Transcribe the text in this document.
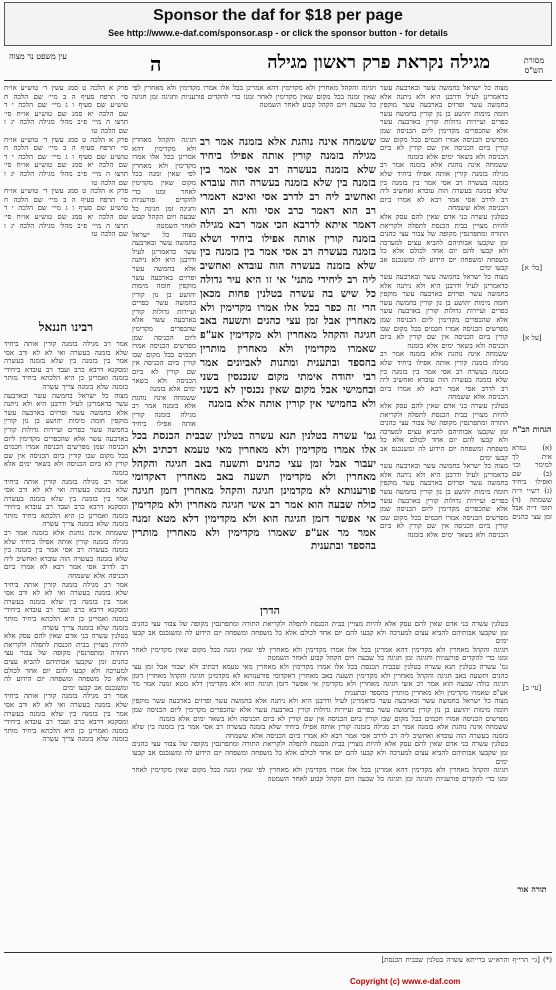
Sponsor the daf for $18 per page
See http://www.e-daf.com/sponsor.asp - or click the sponsor button - for details
מסורת הש"ס
מגילה נקראת פרק ראשון מגילה
ה
עין משפט נר מצוה
[בל׳ א]
[על א]
הגהות הב"ח
(א) גמרא אית לך למימר וכו׳ (ב) שם ואפילו ביחיד (ג) רש״י ד״ה ששמחה (ד) תוס׳ ד״ה אבל זמן עצי כהנים
[עי׳ ב]
תורה אור
מצוה כל ישראל בחמשה עשר ובארבעה עשר כדאמרינן לעיל ודרבנן היא ולא ניתנה אלא בחמשה עשר ופרזים בארבעה עשר מוקפין חומה מימות יהושע בן נון קורין בחמשה עשר כפרים ועיירות גדולות קורין בארבעה עשר אלא שהכפרים מקדימין ליום הכניסה שמן מפרשים הכניסה אמרו חכמים בכל מקום שבו קורין ביום הכניסה אין שם קורין לא ביום הכניסה ולא בשאר ימים אלא בזמנה
ששמחה אינה נוהגת אלא בזמנה אמר רב מגילה בזמנה קורין אותה אפילו ביחיד שלא בזמנה בעשרה רב אסי אמר בין בזמנה בין שלא בזמנה בעשרה הוה עובדא ואחשיב ליה רב לדרב אסי אמר רבא לא אמרו ביום הכניסה אלא ששמחה
בטלנין עשרה בני אדם שאין להם עסק אלא להיות מצויין בבית הכנסת לתפלה ולקריאת התורה ומתפרנסין מקופה של צבור עצי כהנים זמן שקבעו אבותיהם להביא עצים למערכה ולא קבעו להם יום אחד לכולם אלא כל משפחה ומשפחה יום הידוע לה ומשנכנס אב קבעו ימים
מצוה כל ישראל בחמשה עשר ובארבעה עשר כדאמרינן לעיל ודרבנן היא ולא ניתנה אלא בחמשה עשר ופרזים בארבעה עשר מוקפין חומה מימות יהושע בן נון קורין בחמשה עשר כפרים ועיירות גדולות קורין בארבעה עשר אלא שהכפרים מקדימין ליום הכניסה שמן מפרשים הכניסה אמרו חכמים בכל מקום שבו קורין ביום הכניסה אין שם קורין לא ביום הכניסה ולא בשאר ימים אלא בזמנה
ששמחה אינה נוהגת אלא בזמנה אמר רב מגילה בזמנה קורין אותה אפילו ביחיד שלא בזמנה בעשרה רב אסי אמר בין בזמנה בין שלא בזמנה בעשרה הוה עובדא ואחשיב ליה רב לדרב אסי אמר רבא לא אמרו ביום הכניסה אלא ששמחה
בטלנין עשרה בני אדם שאין להם עסק אלא להיות מצויין בבית הכנסת לתפלה ולקריאת התורה ומתפרנסין מקופה של צבור עצי כהנים זמן שקבעו אבותיהם להביא עצים למערכה ולא קבעו להם יום אחד לכולם אלא כל משפחה ומשפחה יום הידוע לה ומשנכנס אב קבעו ימים
מצוה כל ישראל בחמשה עשר ובארבעה עשר כדאמרינן לעיל ודרבנן היא ולא ניתנה אלא בחמשה עשר ופרזים בארבעה עשר מוקפין חומה מימות יהושע בן נון קורין בחמשה עשר כפרים ועיירות גדולות קורין בארבעה עשר אלא שהכפרים מקדימין ליום הכניסה שמן מפרשים הכניסה אמרו חכמים בכל מקום שבו קורין ביום הכניסה אין שם קורין לא ביום הכניסה ולא בשאר ימים אלא בזמנה
חגיגה והקהל מאחרין ולא מקדימין דהא אמרינן בכל אלו אמרו מקדימין ולא מאחרין לפי שאין זמנה בכל מקום שאין מקדימין לאחר זמנו כדי להקדים פורעניות וחגיגה זמן חגיגה כל שבעה ויום הקהל קבוע לאחר השמטה
ששמחה אינה נוהגת אלא בזמנה אמר רב מגילה בזמנה קורין אותה אפילו ביחיד שלא בזמנה בעשרה רב אסי אמר בין בזמנה בין שלא בזמנה בעשרה הוה עובדא ואחשיב ליה רב לדרב אסי ואיכא דאמרי רב הוא דאמר כרב אסי והא רב הוא דאמר איתא לדרבא הכי אמר רבא מגילה בזמנה קורין אותה אפילו ביחיד ושלא בזמנה בעשרה רב אסי אמר בין בזמנה בין שלא בזמנה בעשרה הוה עובדא ואחשיב ליה רב ליחידי מתני' אי זו היא עיר גדולה כל שיש בה עשרה בטלנין פחות מכאן הרי זה כפר בכל אלו אמרו מקדימין ולא מאחרין אבל זמן עצי כהנים ותשעה באב חגיגה והקהל מאחרין ולא מקדימין אע"פ שאמרו מקדימין ולא מאחרין מותרין בהספד ובתענית ומתנות לאביונים אמר רבי יהודה אימתי מקום שנכנסין בשני ובחמישי אבל מקום שאין נכנסין לא בשני ולא בחמישי אין קורין אותה אלא בזמנה
חגיגה והקהל מאחרין ולא מקדימין דהא אמרינן בכל אלו אמרו מקדימין ולא מאחרין לפי שאין זמנה בכל מקום שאין מקדימין לאחר זמנו כדי להקדים פורעניות וחגיגה זמן חגיגה כל שבעה ויום הקהל קבוע לאחר השמטה
מצוה כל ישראל בחמשה עשר ובארבעה עשר כדאמרינן לעיל ודרבנן היא ולא ניתנה אלא בחמשה עשר ופרזים בארבעה עשר מוקפין חומה מימות יהושע בן נון קורין בחמשה עשר כפרים ועיירות גדולות קורין בארבעה עשר אלא שהכפרים מקדימין ליום הכניסה שמן מפרשים הכניסה אמרו חכמים בכל מקום שבו קורין ביום הכניסה אין שם קורין לא ביום הכניסה ולא בשאר ימים אלא בזמנה
ששמחה אינה נוהגת אלא בזמנה אמר רב מגילה בזמנה קורין אותה אפילו ביחיד
גמ' עשרה בטלנין תנא עשרה בטלנין שבבית הכנסת בכל אלו אמרו מקדימין ולא מאחרין מאי טעמא דכתיב ולא יעבור אבל זמן עצי כהנים ותשעה באב חגיגה והקהל מאחרין ולא מקדימין תשעה באב מאחרין דאקדומי פורענותא לא מקדמינן חגיגה והקהל מאחרין דזמן חגיגה כולה שבעה הוא אמר רב אשי חגיגה מאחרין ולא מקדימין אי אפשר דזמן חגיגה הוא ולא מקדימין דלא מטא זמנה אמר מר אע"פ שאמרו מקדימין ולא מאחרין מותרין בהספד ובתענית
הדרן
בטלנין עשרה בני אדם שאין להם עסק אלא להיות מצויין בבית הכנסת לתפלה ולקריאת התורה ומתפרנסין מקופה של צבור עצי כהנים זמן שקבעו אבותיהם להביא עצים למערכה ולא קבעו להם יום אחד לכולם אלא כל משפחה ומשפחה יום הידוע לה ומשנכנס אב קבעו ימים
חגיגה והקהל מאחרין ולא מקדימין דהא אמרינן בכל אלו אמרו מקדימין ולא מאחרין לפי שאין זמנה בכל מקום שאין מקדימין לאחר זמנו כדי להקדים פורעניות וחגיגה זמן חגיגה כל שבעה ויום הקהל קבוע לאחר השמטה
גמ' עשרה בטלנין תנא עשרה בטלנין שבבית הכנסת בכל אלו אמרו מקדימין ולא מאחרין מאי טעמא דכתיב ולא יעבור אבל זמן עצי כהנים ותשעה באב חגיגה והקהל מאחרין ולא מקדימין תשעה באב מאחרין דאקדומי פורענותא לא מקדמינן חגיגה והקהל מאחרין דזמן חגיגה כולה שבעה הוא אמר רב אשי חגיגה מאחרין ולא מקדימין אי אפשר דזמן חגיגה הוא ולא מקדימין דלא מטא זמנה אמר מר אע"פ שאמרו מקדימין ולא מאחרין מותרין בהספד ובתענית
מצוה כל ישראל בחמשה עשר ובארבעה עשר כדאמרינן לעיל ודרבנן היא ולא ניתנה אלא בחמשה עשר ופרזים בארבעה עשר מוקפין חומה מימות יהושע בן נון קורין בחמשה עשר כפרים ועיירות גדולות קורין בארבעה עשר אלא שהכפרים מקדימין ליום הכניסה שמן מפרשים הכניסה אמרו חכמים בכל מקום שבו קורין ביום הכניסה אין שם קורין לא ביום הכניסה ולא בשאר ימים אלא בזמנה
ששמחה אינה נוהגת אלא בזמנה אמר רב מגילה בזמנה קורין אותה אפילו ביחיד שלא בזמנה בעשרה רב אסי אמר בין בזמנה בין שלא בזמנה בעשרה הוה עובדא ואחשיב ליה רב לדרב אסי אמר רבא לא אמרו ביום הכניסה אלא ששמחה
בטלנין עשרה בני אדם שאין להם עסק אלא להיות מצויין בבית הכנסת לתפלה ולקריאת התורה ומתפרנסין מקופה של צבור עצי כהנים זמן שקבעו אבותיהם להביא עצים למערכה ולא קבעו להם יום אחד לכולם אלא כל משפחה ומשפחה יום הידוע לה ומשנכנס אב קבעו ימים
חגיגה והקהל מאחרין ולא מקדימין דהא אמרינן בכל אלו אמרו מקדימין ולא מאחרין לפי שאין זמנה בכל מקום שאין מקדימין לאחר זמנו כדי להקדים פורעניות וחגיגה זמן חגיגה כל שבעה ויום הקהל קבוע לאחר השמטה
פרק א הלכה ט סמג עשין ד׳ טוש״ע או״ח סי׳ תרפח סעיף ה ב מיי׳ שם הלכה ח טוש״ע שם סעיף ו ג מיי׳ שם הלכה י ד שם הלכה יא סמג שם טוש״ע או״ח סי׳ תרצו ה מיי׳ פ״ב מהל׳ מגילה הלכה יג ו שם הלכה טו
פרק א הלכה ט סמג עשין ד׳ טוש״ע או״ח סי׳ תרפח סעיף ה ב מיי׳ שם הלכה ח טוש״ע שם סעיף ו ג מיי׳ שם הלכה י ד שם הלכה יא סמג שם טוש״ע או״ח סי׳ תרצו ה מיי׳ פ״ב מהל׳ מגילה הלכה יג ו שם הלכה טו
פרק א הלכה ט סמג עשין ד׳ טוש״ע או״ח סי׳ תרפח סעיף ה ב מיי׳ שם הלכה ח טוש״ע שם סעיף ו ג מיי׳ שם הלכה י ד שם הלכה יא סמג שם טוש״ע או״ח סי׳ תרצו ה מיי׳ פ״ב מהל׳ מגילה הלכה יג ו שם הלכה טו
רבינו חננאל
אמר רב מגילה בזמנה קורין אותה ביחיד שלא בזמנה בעשרה ואי לא לא ורב אסי אמר בין בזמנה בין שלא בזמנה בעשרה ומסקנא דרבא כרב ועבד רב עובדא ביחידי בזמנה ואמרינן כן היא הלכתא ביחיד מותר בזמנה שלא בזמנה צריך עשרה
מצוה כל ישראל בחמשה עשר ובארבעה עשר כדאמרינן לעיל ודרבנן היא ולא ניתנה אלא בחמשה עשר ופרזים בארבעה עשר מוקפין חומה מימות יהושע בן נון קורין בחמשה עשר כפרים ועיירות גדולות קורין בארבעה עשר אלא שהכפרים מקדימין ליום הכניסה שמן מפרשים הכניסה אמרו חכמים בכל מקום שבו קורין ביום הכניסה אין שם קורין לא ביום הכניסה ולא בשאר ימים אלא בזמנה
אמר רב מגילה בזמנה קורין אותה ביחיד שלא בזמנה בעשרה ואי לא לא ורב אסי אמר בין בזמנה בין שלא בזמנה בעשרה ומסקנא דרבא כרב ועבד רב עובדא ביחידי בזמנה ואמרינן כן היא הלכתא ביחיד מותר בזמנה שלא בזמנה צריך עשרה
ששמחה אינה נוהגת אלא בזמנה אמר רב מגילה בזמנה קורין אותה אפילו ביחיד שלא בזמנה בעשרה רב אסי אמר בין בזמנה בין שלא בזמנה בעשרה הוה עובדא ואחשיב ליה רב לדרב אסי אמר רבא לא אמרו ביום הכניסה אלא ששמחה
אמר רב מגילה בזמנה קורין אותה ביחיד שלא בזמנה בעשרה ואי לא לא ורב אסי אמר בין בזמנה בין שלא בזמנה בעשרה ומסקנא דרבא כרב ועבד רב עובדא ביחידי בזמנה ואמרינן כן היא הלכתא ביחיד מותר בזמנה שלא בזמנה צריך עשרה
בטלנין עשרה בני אדם שאין להם עסק אלא להיות מצויין בבית הכנסת לתפלה ולקריאת התורה ומתפרנסין מקופה של צבור עצי כהנים זמן שקבעו אבותיהם להביא עצים למערכה ולא קבעו להם יום אחד לכולם אלא כל משפחה ומשפחה יום הידוע לה ומשנכנס אב קבעו ימים
אמר רב מגילה בזמנה קורין אותה ביחיד שלא בזמנה בעשרה ואי לא לא ורב אסי אמר בין בזמנה בין שלא בזמנה בעשרה ומסקנא דרבא כרב ועבד רב עובדא ביחידי בזמנה ואמרינן כן היא הלכתא ביחיד מותר בזמנה שלא בזמנה צריך עשרה
(*) [גי׳ הרי״ף והרא״ש ברייתא עשרה בטלנין שבבית הכנסת]
Copyright (c) www.e-daf.com
